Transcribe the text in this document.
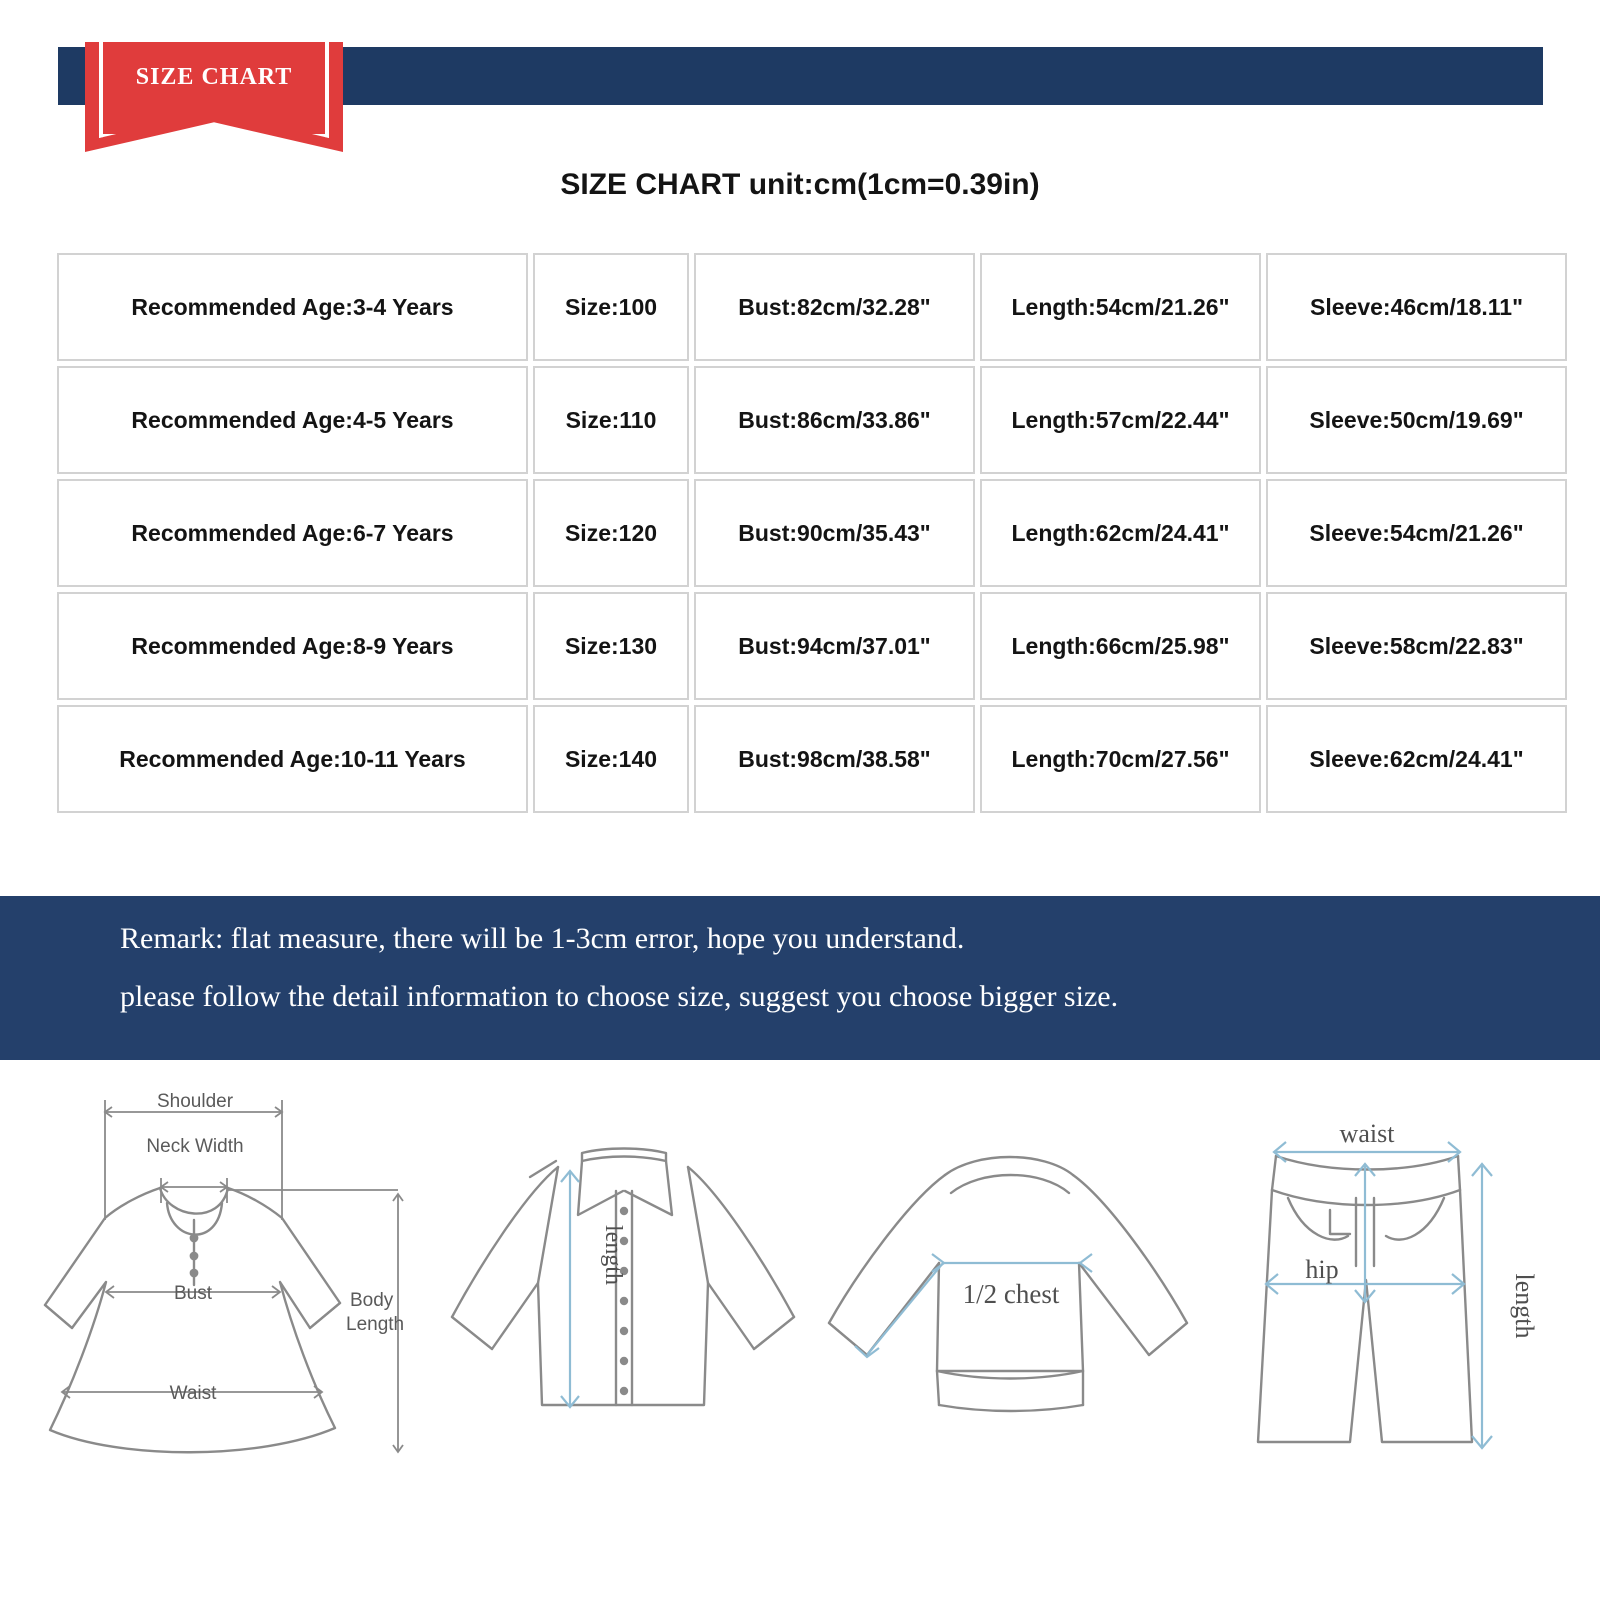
SIZE CHART
SIZE CHART unit:cm(1cm=0.39in)
Recommended Age:3-4 Years	Size:100	Bust:82cm/32.28"	Length:54cm/21.26"	Sleeve:46cm/18.11"
Recommended Age:4-5 Years	Size:110	Bust:86cm/33.86"	Length:57cm/22.44"	Sleeve:50cm/19.69"
Recommended Age:6-7 Years	Size:120	Bust:90cm/35.43"	Length:62cm/24.41"	Sleeve:54cm/21.26"
Recommended Age:8-9 Years	Size:130	Bust:94cm/37.01"	Length:66cm/25.98"	Sleeve:58cm/22.83"
Recommended Age:10-11 Years	Size:140	Bust:98cm/38.58"	Length:70cm/27.56"	Sleeve:62cm/24.41"
Remark: flat measure, there will be 1-3cm error, hope you understand.
please follow the detail information to choose size, suggest you choose bigger size.
Shoulder
Neck Width
Bust
Waist
Body Length
length
1/2 chest
waist
hip
length
